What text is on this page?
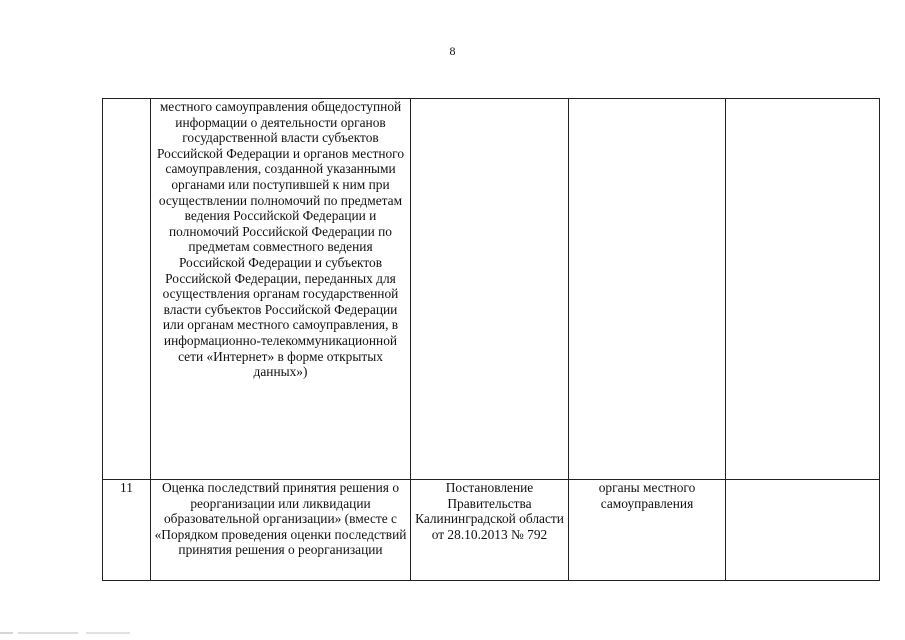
8
	местного самоуправления общедоступной информации о деятельности органов государственной власти субъектов Российской Федерации и органов местного самоуправления, созданной указанными органами или поступившей к ним при осуществлении полномочий по предметам ведения Российской Федерации и полномочий Российской Федерации по предметам совместного ведения Российской Федерации и субъектов Российской Федерации, переданных для осуществления органам государственной власти субъектов Российской Федерации или органам местного самоуправления, в информационно-телекоммуникационной сети «Интернет» в форме открытых данных»)			
11	Оценка последствий принятия решения о реорганизации или ликвидации образовательной организации» (вместе с «Порядком проведения оценки последствий принятия решения о реорганизации	Постановление Правительства Калининградской области от 28.10.2013 № 792	органы местного самоуправления	
